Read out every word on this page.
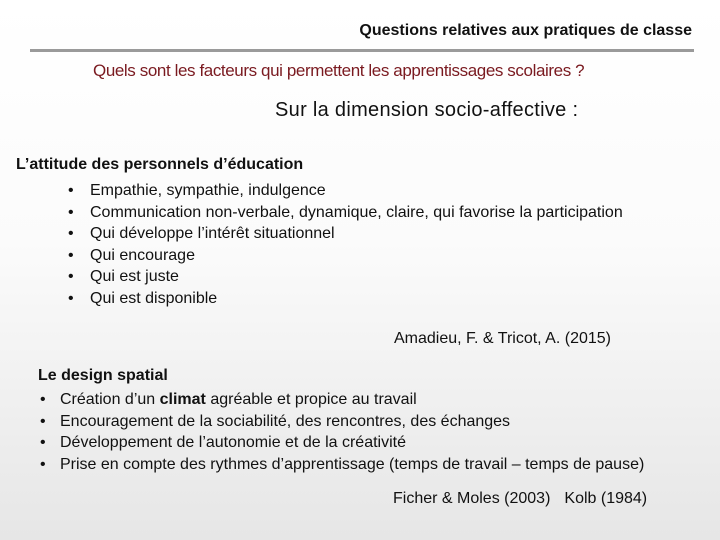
Questions relatives aux pratiques de classe
Quels sont les facteurs qui permettent les apprentissages scolaires ?
Sur la dimension socio-affective :
L’attitude des personnels d’éducation
• Empathie, sympathie, indulgence
• Communication non-verbale, dynamique, claire, qui favorise la participation
• Qui développe l’intérêt situationnel
• Qui encourage
• Qui est juste
• Qui est disponible
Amadieu, F. & Tricot, A. (2015)
Le design spatial
• Création d’un climat agréable et propice au travail
• Encouragement de la sociabilité, des rencontres, des échanges
• Développement de l’autonomie et de la créativité
• Prise en compte des rythmes d’apprentissage (temps de travail – temps de pause)
Ficher & Moles (2003) Kolb (1984)
